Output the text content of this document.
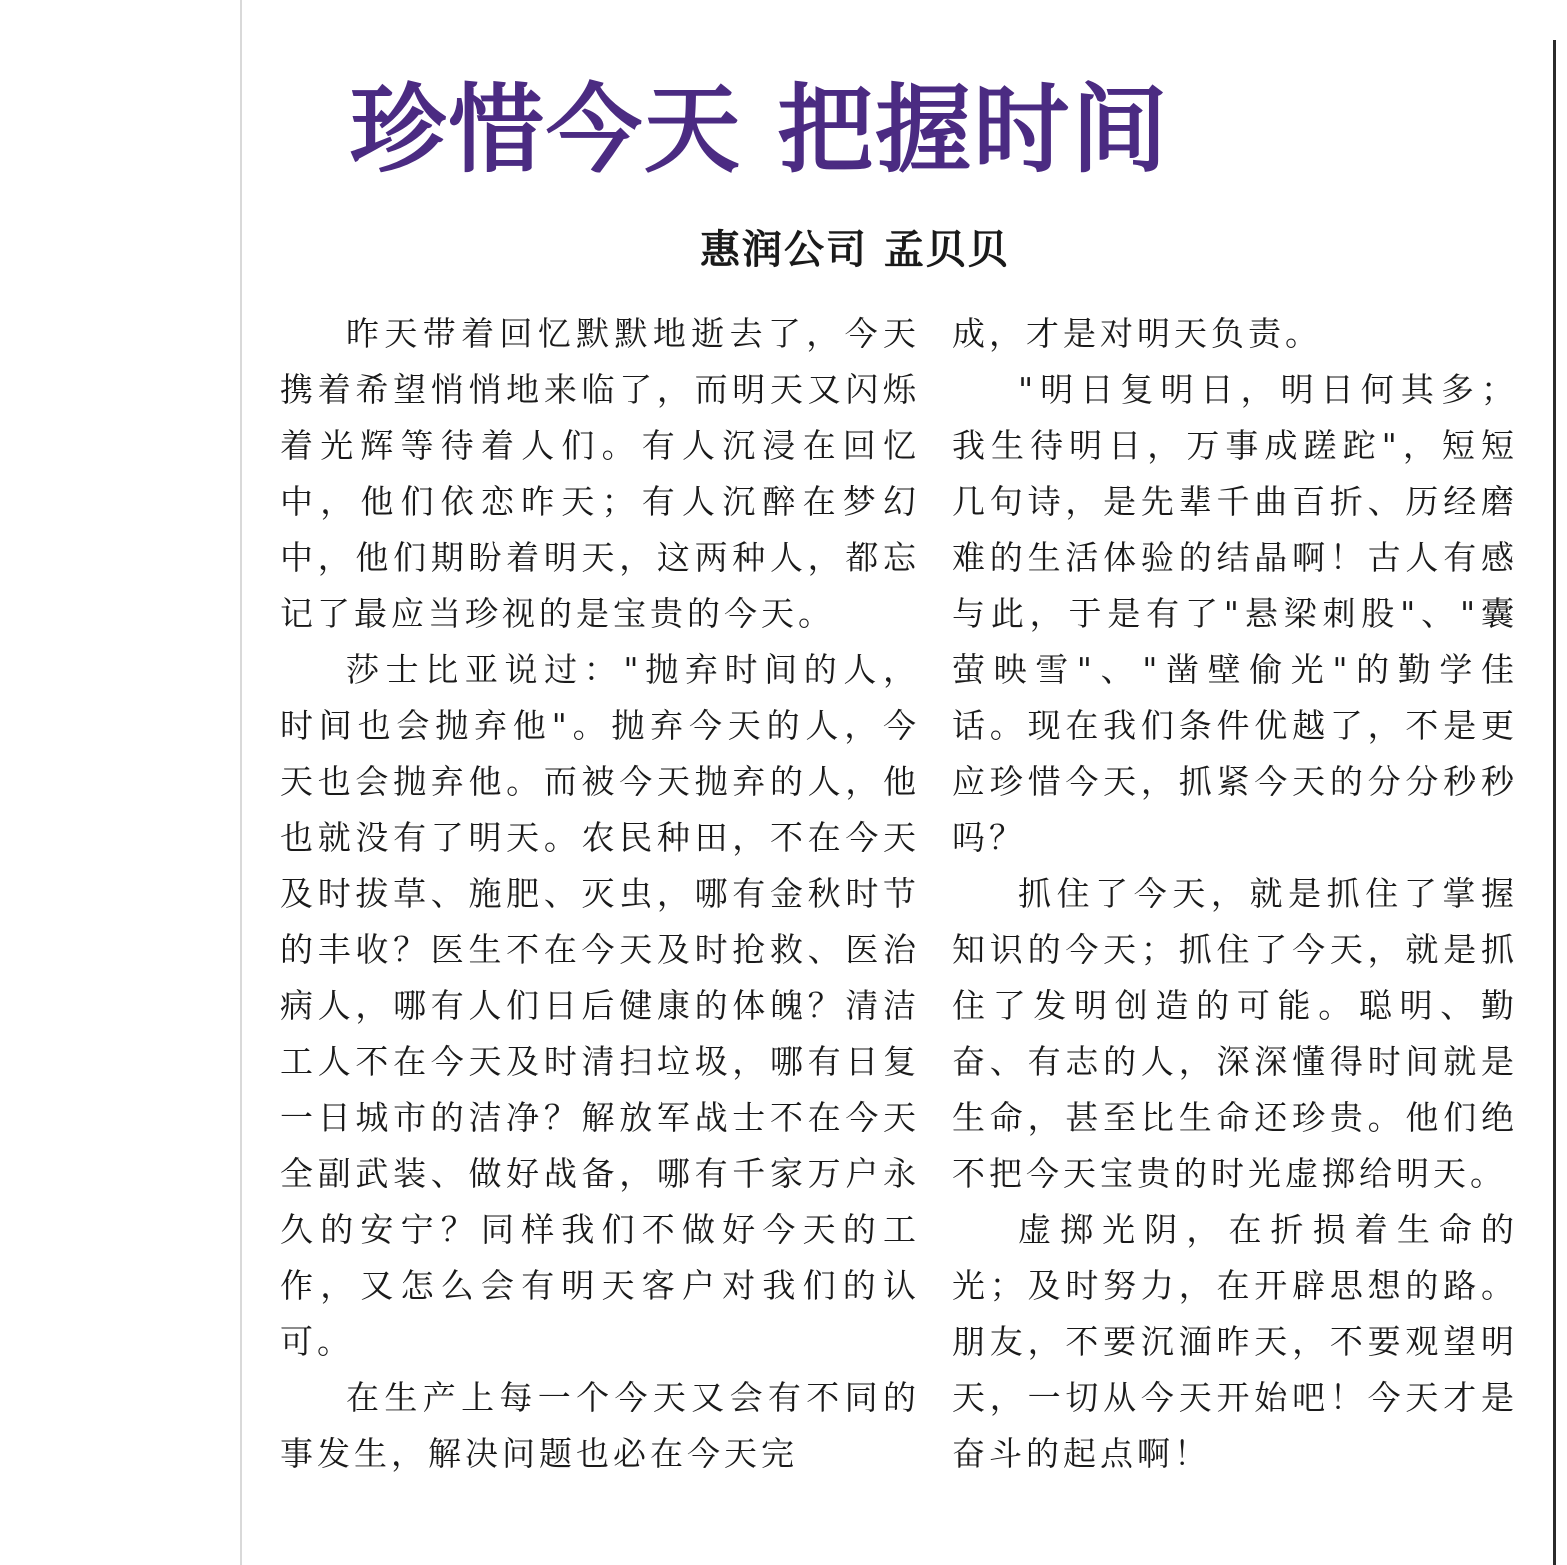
珍惜今天 把握时间
惠润公司 孟贝贝

昨天带着回忆默默地逝去了，今天携着希望悄悄地来临了，而明天又闪烁着光辉等待着人们。有人沉浸在回忆中，他们依恋昨天；有人沉醉在梦幻中，他们期盼着明天，这两种人，都忘记了最应当珍视的是宝贵的今天。

莎士比亚说过："抛弃时间的人，时间也会抛弃他"。抛弃今天的人，今天也会抛弃他。而被今天抛弃的人，他也就没有了明天。农民种田，不在今天及时拔草、施肥、灭虫，哪有金秋时节的丰收？医生不在今天及时抢救、医治病人，哪有人们日后健康的体魄？清洁工人不在今天及时清扫垃圾，哪有日复一日城市的洁净？解放军战士不在今天全副武装、做好战备，哪有千家万户永久的安宁？同样我们不做好今天的工作，又怎么会有明天客户对我们的认可。

在生产上每一个今天又会有不同的事发生，解决问题也必在今天完

成，才是对明天负责。

"明日复明日，明日何其多；我生待明日，万事成蹉跎"，短短几句诗，是先辈千曲百折、历经磨难的生活体验的结晶啊！古人有感与此，于是有了"悬梁刺股"、"囊萤映雪"、"凿壁偷光"的勤学佳话。现在我们条件优越了，不是更应珍惜今天，抓紧今天的分分秒秒吗？

抓住了今天，就是抓住了掌握知识的今天；抓住了今天，就是抓住了发明创造的可能。聪明、勤奋、有志的人，深深懂得时间就是生命，甚至比生命还珍贵。他们绝不把今天宝贵的时光虚掷给明天。

虚掷光阴，在折损着生命的光；及时努力，在开辟思想的路。朋友，不要沉湎昨天，不要观望明天，一切从今天开始吧！今天才是奋斗的起点啊！
